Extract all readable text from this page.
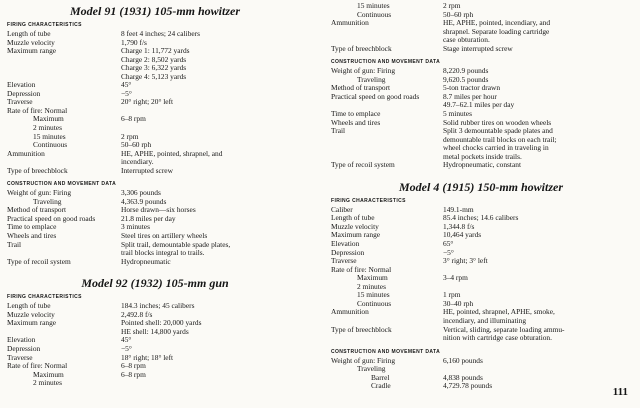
Model 91 (1931) 105-mm howitzer
FIRING CHARACTERISTICS
Length of tube	8 feet 4 inches; 24 calibers
Muzzle velocity	1,790 f/s
Maximum range	Charge 1: 11,772 yards
Charge 2: 8,502 yards
Charge 3: 6,322 yards
Charge 4: 5,123 yards
Elevation	45°
Depression	−5°
Traverse	20° right; 20° left
Rate of fire: Normal
Maximum	6–8 rpm
2 minutes
15 minutes	2 rpm
Continuous	50–60 rph
Ammunition	HE, APHE, pointed, shrapnel, and
incendiary.
Type of breechblock	Interrupted screw
CONSTRUCTION AND MOVEMENT DATA
Weight of gun: Firing	3,306 pounds
Traveling	4,363.9 pounds
Method of transport	Horse drawn—six horses
Practical speed on good roads	21.8 miles per day
Time to emplace	3 minutes
Wheels and tires	Steel tires on artillery wheels
Trail	Split trail, demountable spade plates,
trail blocks integral to trails.
Type of recoil system	Hydropneumatic
Model 92 (1932) 105-mm gun
FIRING CHARACTERISTICS
Length of tube	184.3 inches; 45 calibers
Muzzle velocity	2,492.8 f/s
Maximum range	Pointed shell: 20,000 yards
HE shell: 14,800 yards
Elevation	45°
Depression	−5°
Traverse	18° right; 18° left
Rate of fire: Normal	6–8 rpm
Maximum	6–8 rpm
2 minutes
15 minutes	2 rpm
Continuous	50–60 rph
Ammunition	HE, APHE, pointed, incendiary, and
shrapnel. Separate loading cartridge
case obturation.
Type of breechblock	Stage interrupted screw
CONSTRUCTION AND MOVEMENT DATA
Weight of gun: Firing	8,220.9 pounds
Traveling	9,620.5 pounds
Method of transport	5-ton tractor drawn
Practical speed on good roads	8.7 miles per hour
49.7–62.1 miles per day
Time to emplace	5 minutes
Wheels and tires	Solid rubber tires on wooden wheels
Trail	Split 3 demountable spade plates and
demountable trail blocks on each trail;
wheel chocks carried in traveling in
metal pockets inside trails.
Type of recoil system	Hydropneumatic, constant
Model 4 (1915) 150-mm howitzer
FIRING CHARACTERISTICS
Caliber	149.1-mm
Length of tube	85.4 inches; 14.6 calibers
Muzzle velocity	1,344.8 f/s
Maximum range	10,464 yards
Elevation	65°
Depression	−5°
Traverse	3° right; 3° left
Rate of fire: Normal
Maximum	3–4 rpm
2 minutes
15 minutes	1 rpm
Continuous	30–40 rph
Ammunition	HE, pointed, shrapnel, APHE, smoke,
incendiary, and illuminating
Type of breechblock	Vertical, sliding, separate loading ammu-
nition with cartridge case obturation.
CONSTRUCTION AND MOVEMENT DATA
Weight of gun: Firing	6,160 pounds
Traveling
Barrel	4,838 pounds
Cradle	4,729.78 pounds
111
